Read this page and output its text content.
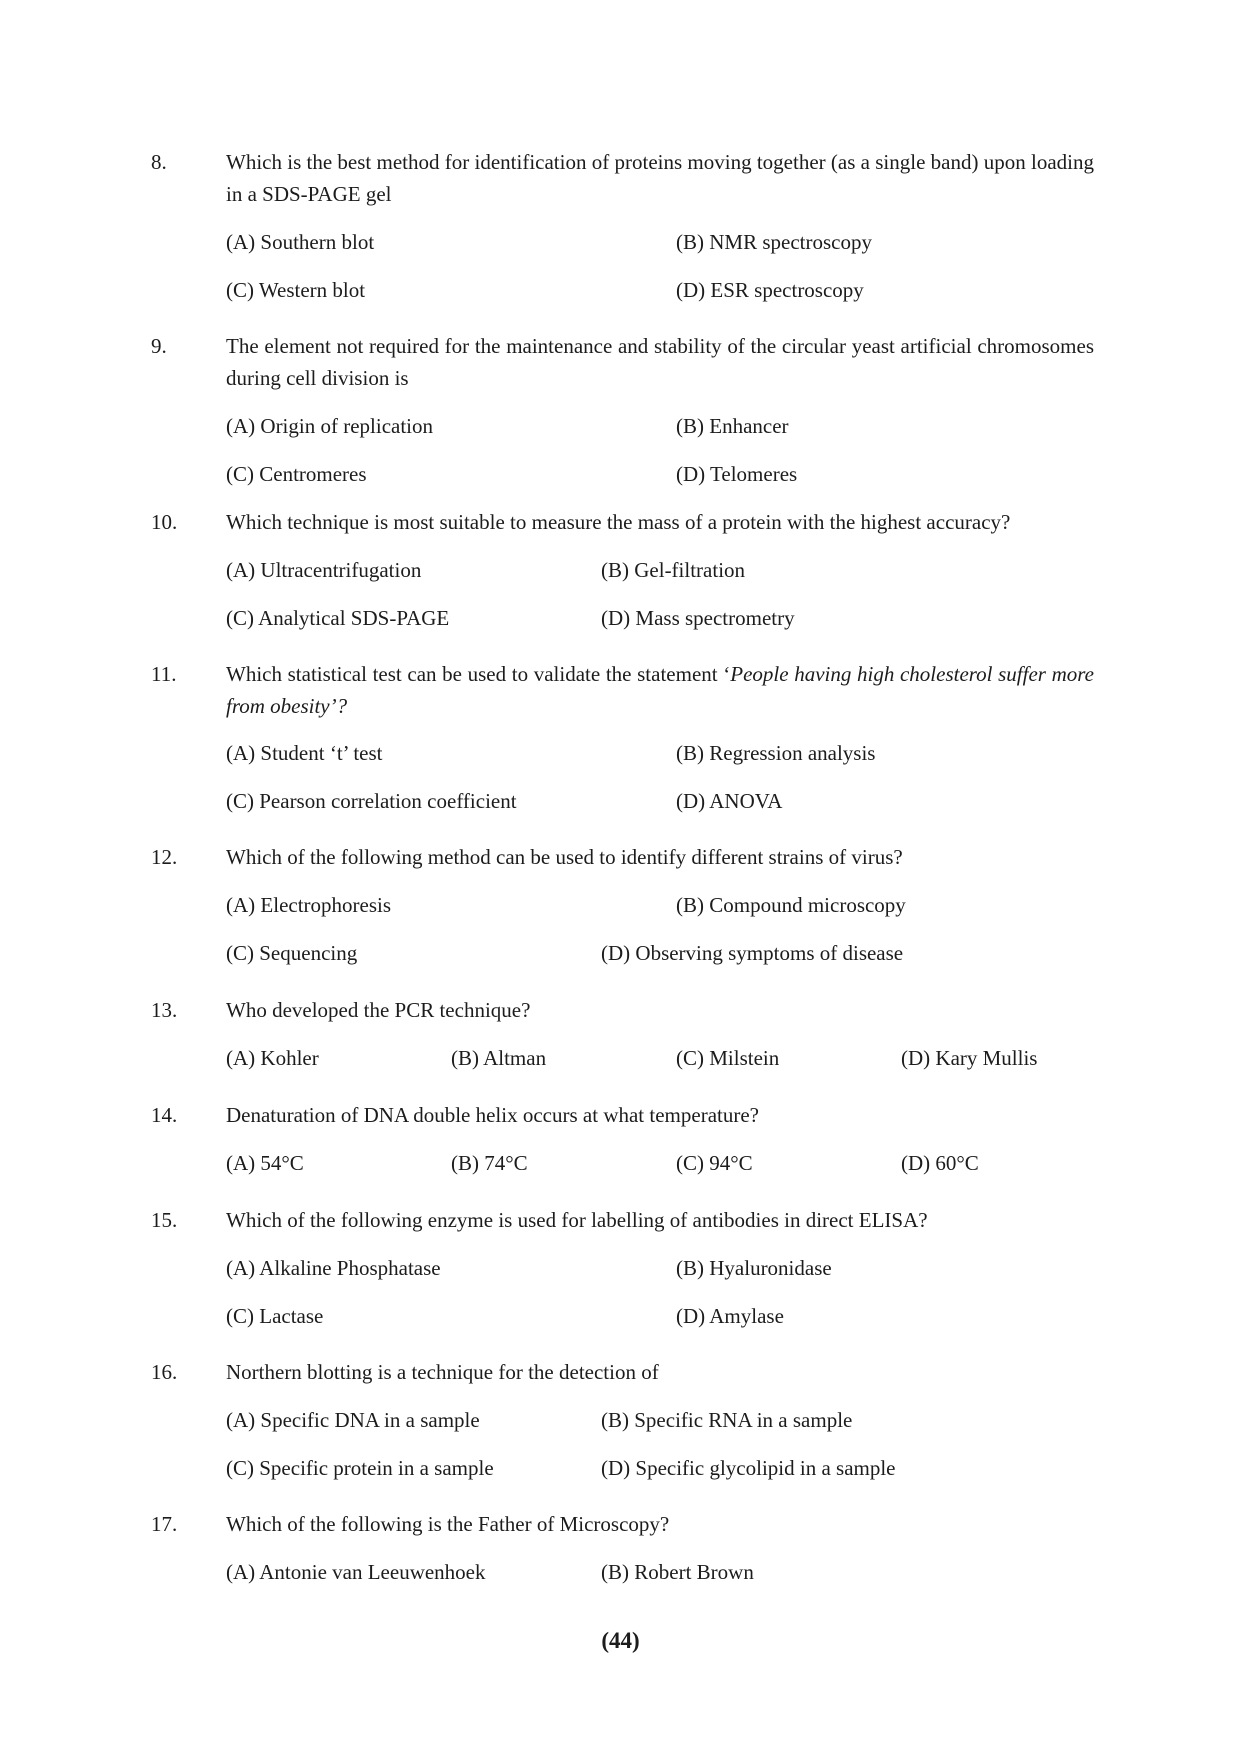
8.	Which is the best method for identification of proteins moving together (as a single band) upon loading in a SDS-PAGE gel
(A) Southern blot	(B) NMR spectroscopy
(C) Western blot	(D) ESR spectroscopy
9.	The element not required for the maintenance and stability of the circular yeast artificial chromosomes during cell division is
(A) Origin of replication	(B) Enhancer
(C) Centromeres	(D) Telomeres
10. Which technique is most suitable to measure the mass of a protein with the highest accuracy?
(A) Ultracentrifugation	(B) Gel-filtration
(C) Analytical SDS-PAGE	(D) Mass spectrometry
11. Which statistical test can be used to validate the statement ‘People having high cholesterol suffer more from obesity’?
(A) Student ‘t’ test	(B) Regression analysis
(C) Pearson correlation coefficient	(D) ANOVA
12. Which of the following method can be used to identify different strains of virus?
(A) Electrophoresis	(B) Compound microscopy
(C) Sequencing	(D) Observing symptoms of disease
13. Who developed the PCR technique?
(A) Kohler	(B) Altman	(C) Milstein	(D) Kary Mullis
14. Denaturation of DNA double helix occurs at what temperature?
(A) 54°C	(B) 74°C	(C) 94°C	(D) 60°C
15. Which of the following enzyme is used for labelling of antibodies in direct ELISA?
(A) Alkaline Phosphatase	(B) Hyaluronidase
(C) Lactase	(D) Amylase
16. Northern blotting is a technique for the detection of
(A) Specific DNA in a sample	(B) Specific RNA in a sample
(C) Specific protein in a sample	(D) Specific glycolipid in a sample
17. Which of the following is the Father of Microscopy?
(A) Antonie van Leeuwenhoek	(B) Robert Brown
(44)
